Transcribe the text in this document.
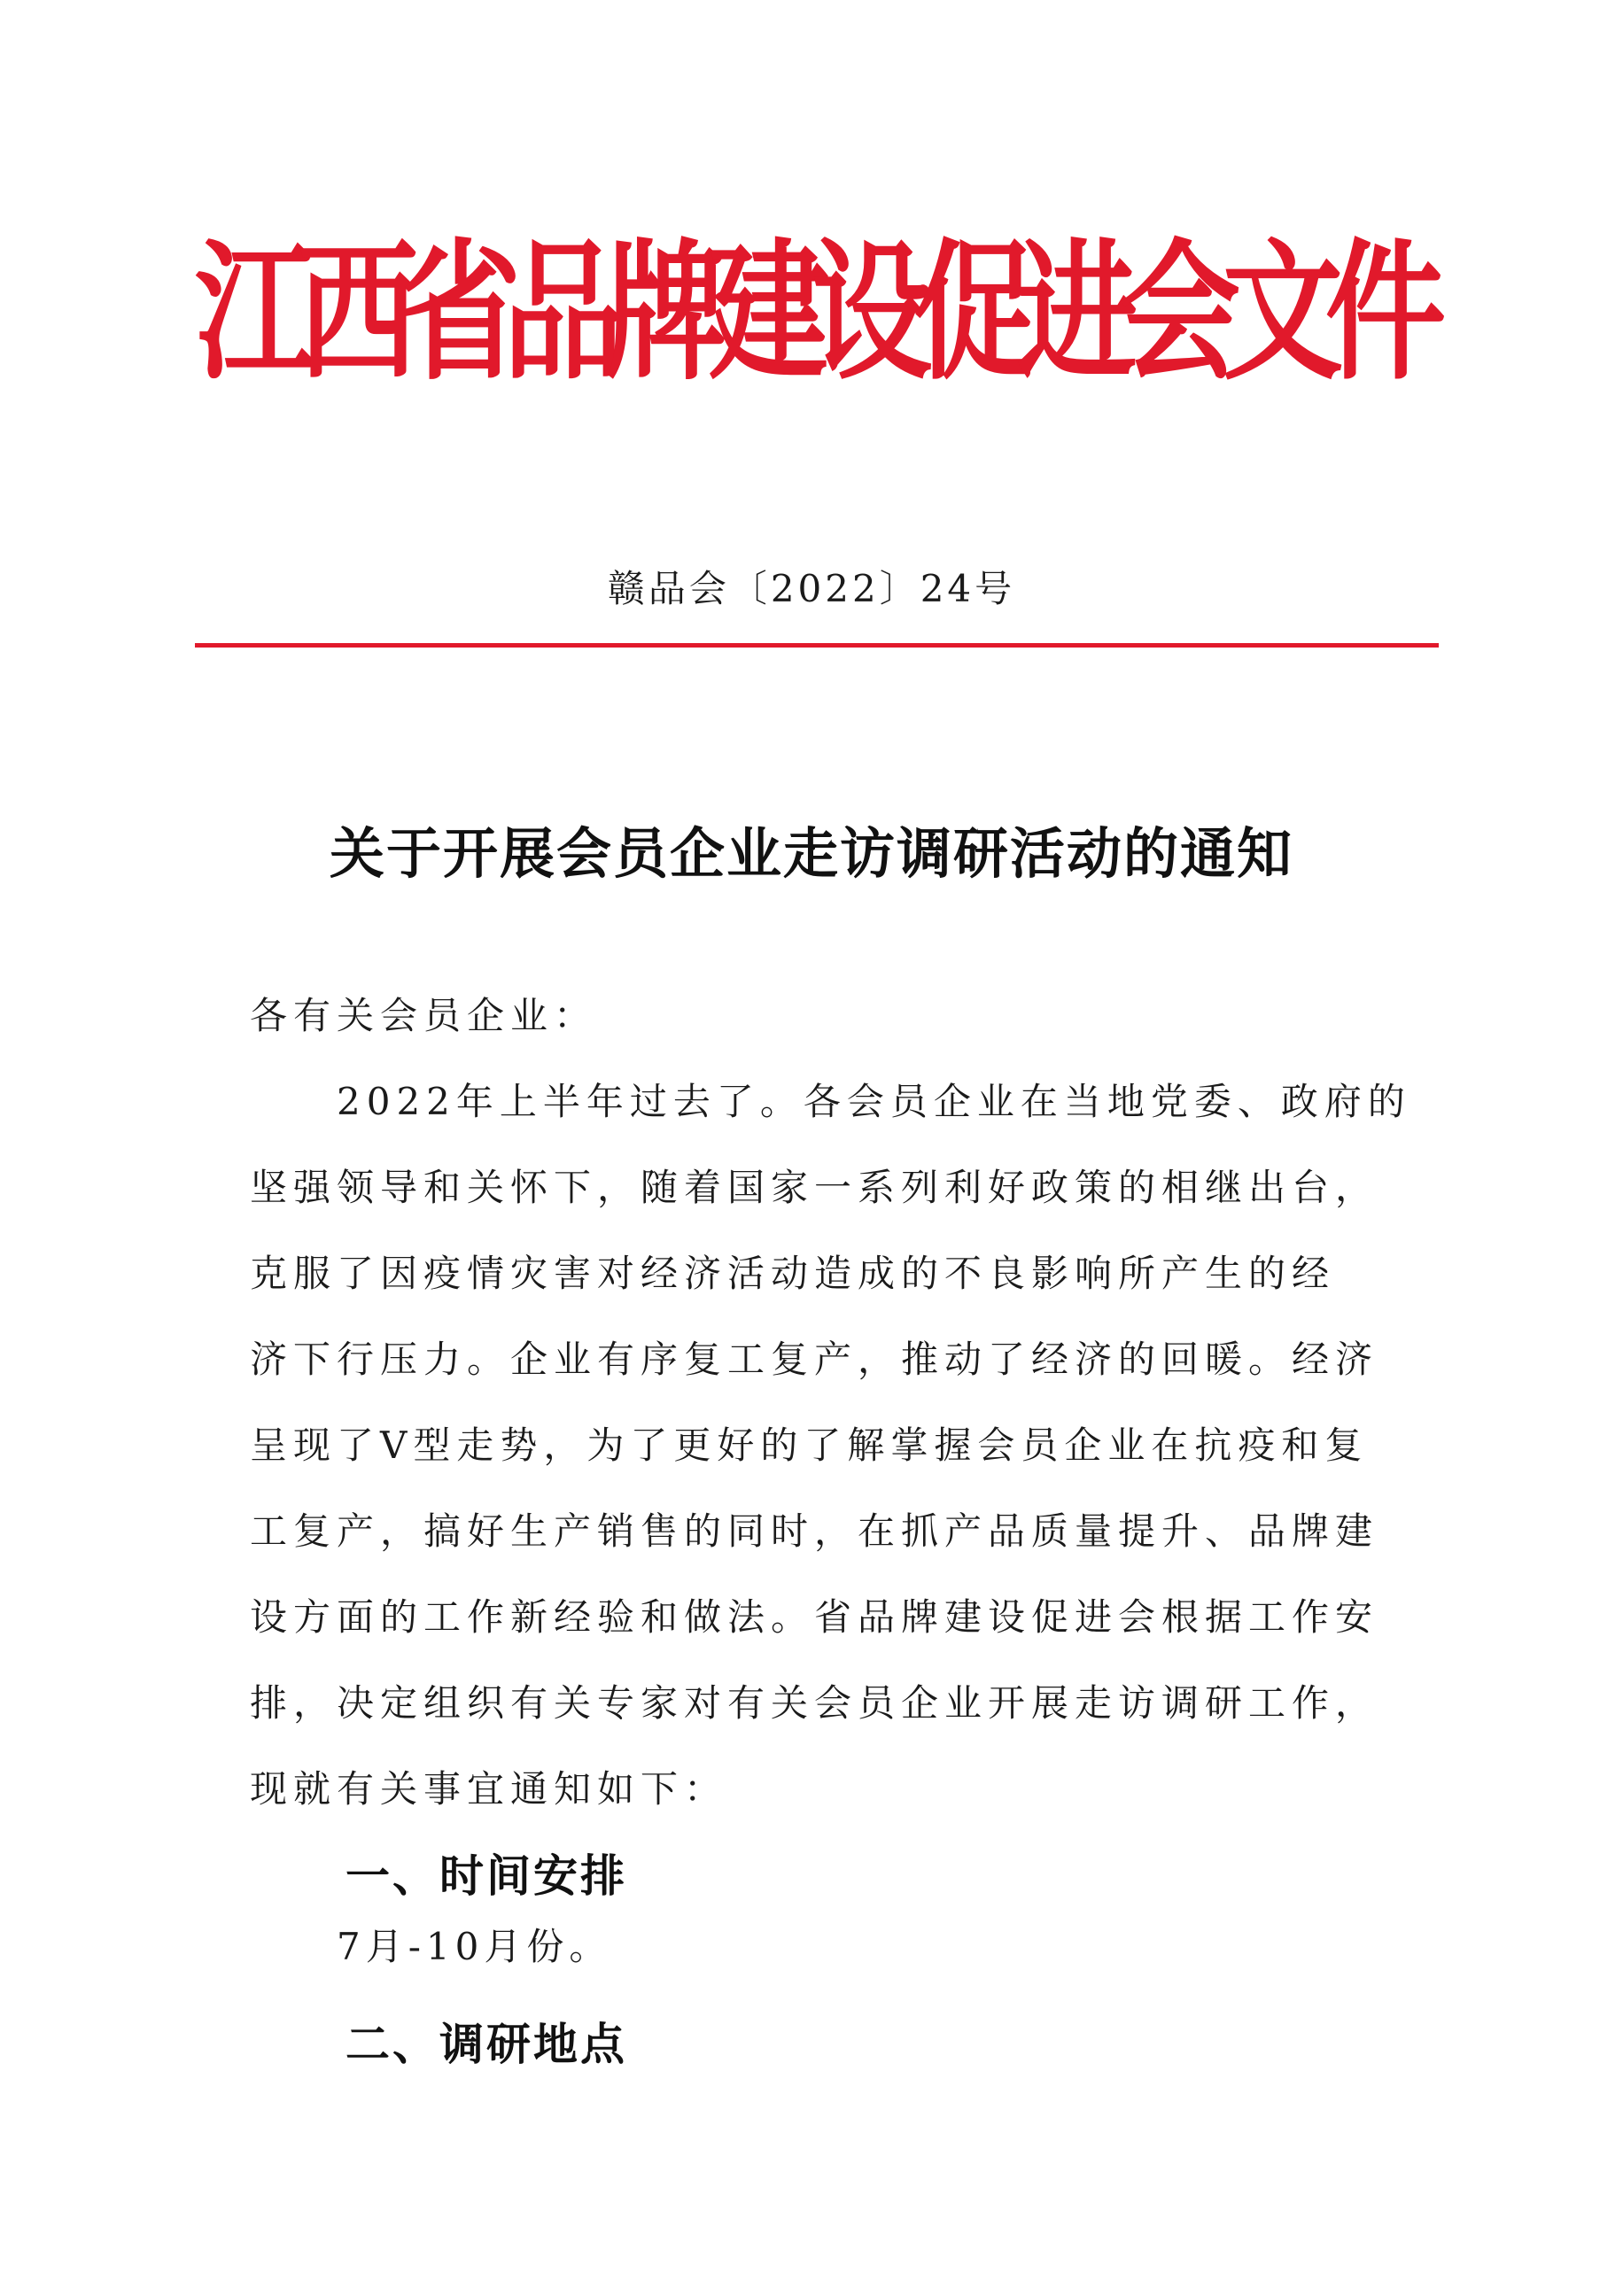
江
西
省
品
牌
建
设
促
进
会
文
件
赣品会〔2022〕24号
关于开展会员企业走访调研活动的通知
各有关会员企业：
2022年上半年过去了。各会员企业在当地党委、政府的
坚强领导和关怀下，随着国家一系列利好政策的相继出台，
克服了因疫情灾害对经济活动造成的不良影响所产生的经
济下行压力。企业有序复工复产，推动了经济的回暖。经济
呈现了V型走势，为了更好的了解掌握会员企业在抗疫和复
工复产，搞好生产销售的同时，在抓产品质量提升、品牌建
设方面的工作新经验和做法。省品牌建设促进会根据工作安
排，决定组织有关专家对有关会员企业开展走访调研工作，
现就有关事宜通知如下：
一、时间安排
7月-10月份。
二、调研地点
